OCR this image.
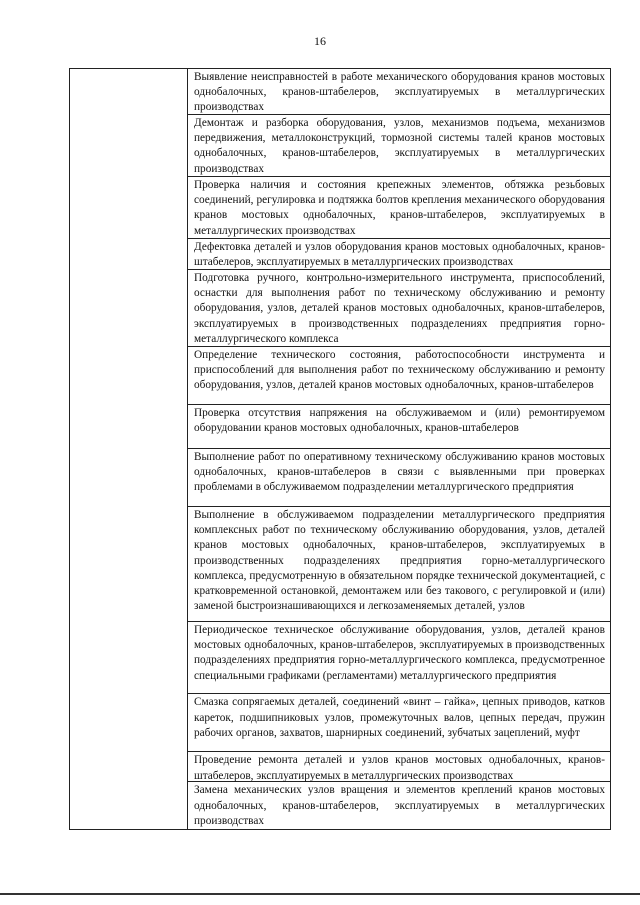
16
Выявление неисправностей в работе механического оборудования кранов мостовых однобалочных, кранов-штабелеров, эксплуатируемых в металлургических производствах
Демонтаж и разборка оборудования, узлов, механизмов подъема, механизмов передвижения, металлоконструкций, тормозной системы талей кранов мостовых однобалочных, кранов-штабелеров, эксплуатируемых в металлургических производствах
Проверка наличия и состояния крепежных элементов, обтяжка резьбовых соединений, регулировка и подтяжка болтов крепления механического оборудования кранов мостовых однобалочных, кранов-штабелеров, эксплуатируемых в металлургических производствах
Дефектовка деталей и узлов оборудования кранов мостовых однобалочных, кранов-штабелеров, эксплуатируемых в металлургических производствах
Подготовка ручного, контрольно-измерительного инструмента, приспособлений, оснастки для выполнения работ по техническому обслуживанию и ремонту оборудования, узлов, деталей кранов мостовых однобалочных, кранов-штабелеров, эксплуатируемых в производственных подразделениях предприятия горно-металлургического комплекса
Определение технического состояния, работоспособности инструмента и приспособлений для выполнения работ по техническому обслуживанию и ремонту оборудования, узлов, деталей кранов мостовых однобалочных, кранов-штабелеров
Проверка отсутствия напряжения на обслуживаемом и (или) ремонтируемом оборудовании кранов мостовых однобалочных, кранов-штабелеров
Выполнение работ по оперативному техническому обслуживанию кранов мостовых однобалочных, кранов-штабелеров в связи с выявленными при проверках проблемами в обслуживаемом подразделении металлургического предприятия
Выполнение в обслуживаемом подразделении металлургического предприятия комплексных работ по техническому обслуживанию оборудования, узлов, деталей кранов мостовых однобалочных, кранов-штабелеров, эксплуатируемых в производственных подразделениях предприятия горно-металлургического комплекса, предусмотренную в обязательном порядке технической документацией, с кратковременной остановкой, демонтажем или без такового, с регулировкой и (или) заменой быстроизнашивающихся и легкозаменяемых деталей, узлов
Периодическое техническое обслуживание оборудования, узлов, деталей кранов мостовых однобалочных, кранов-штабелеров, эксплуатируемых в производственных подразделениях предприятия горно-металлургического комплекса, предусмотренное специальными графиками (регламентами) металлургического предприятия
Смазка сопрягаемых деталей, соединений «винт – гайка», цепных приводов, катков кареток, подшипниковых узлов, промежуточных валов, цепных передач, пружин рабочих органов, захватов, шарнирных соединений, зубчатых зацеплений, муфт
Проведение ремонта деталей и узлов кранов мостовых однобалочных, кранов-штабелеров, эксплуатируемых в металлургических производствах
Замена механических узлов вращения и элементов креплений кранов мостовых однобалочных, кранов-штабелеров, эксплуатируемых в металлургических производствах
